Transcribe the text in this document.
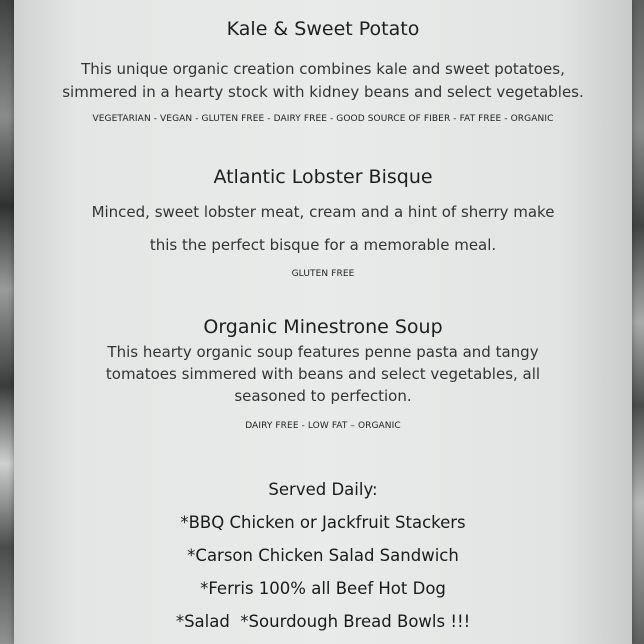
Kale & Sweet Potato
This unique organic creation combines kale and sweet potatoes,
simmered in a hearty stock with kidney beans and select vegetables.
VEGETARIAN - VEGAN - GLUTEN FREE - DAIRY FREE - GOOD SOURCE OF FIBER - FAT FREE - ORGANIC
Atlantic Lobster Bisque
Minced, sweet lobster meat, cream and a hint of sherry make
this the perfect bisque for a memorable meal.
GLUTEN FREE
Organic Minestrone Soup
This hearty organic soup features penne pasta and tangy
tomatoes simmered with beans and select vegetables, all
seasoned to perfection.
DAIRY FREE - LOW FAT – ORGANIC
Served Daily:
*BBQ Chicken or Jackfruit Stackers
*Carson Chicken Salad Sandwich
*Ferris 100% all Beef Hot Dog
*Salad  *Sourdough Bread Bowls !!!
